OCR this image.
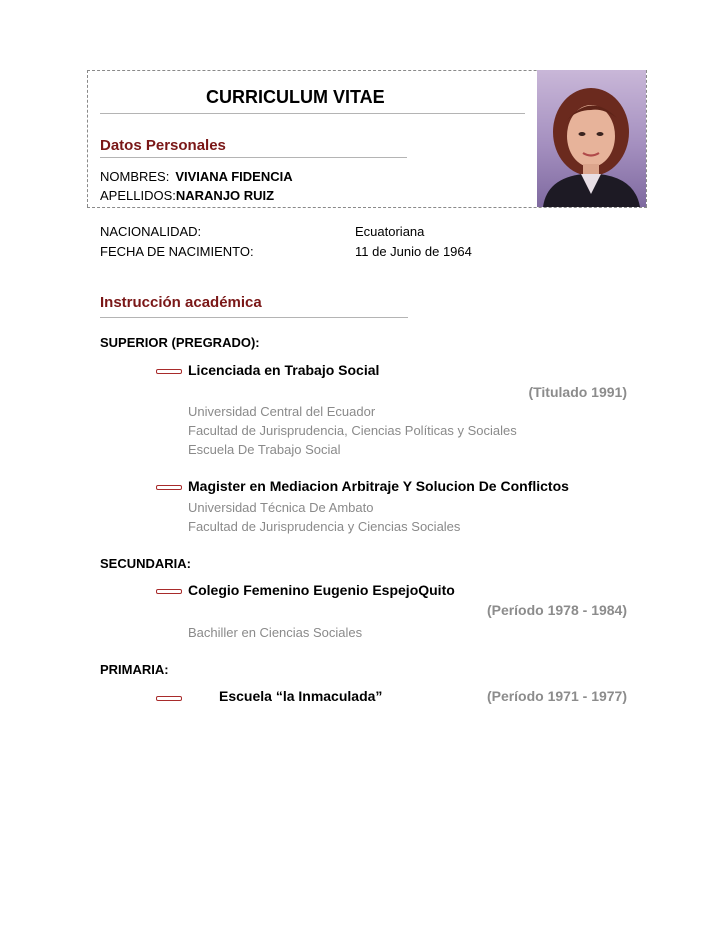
CURRICULUM VITAE
Datos Personales
NOMBRES: VIVIANA FIDENCIA
APELLIDOS:NARANJO RUIZ
NACIONALIDAD:	Ecuatoriana
FECHA DE NACIMIENTO:	11 de Junio de 1964
Instrucción académica
SUPERIOR (PREGRADO):
Licenciada en Trabajo Social
(Titulado 1991)
Universidad Central del Ecuador
Facultad de Jurisprudencia, Ciencias Políticas y Sociales
Escuela De Trabajo Social
Magister en Mediacion Arbitraje Y Solucion De Conflictos
Universidad Técnica De Ambato
Facultad de Jurisprudencia y Ciencias Sociales
SECUNDARIA:
Colegio Femenino Eugenio EspejoQuito
(Período 1978 - 1984)
Bachiller en Ciencias Sociales
PRIMARIA:
Escuela “la Inmaculada”	(Período 1971 - 1977)
